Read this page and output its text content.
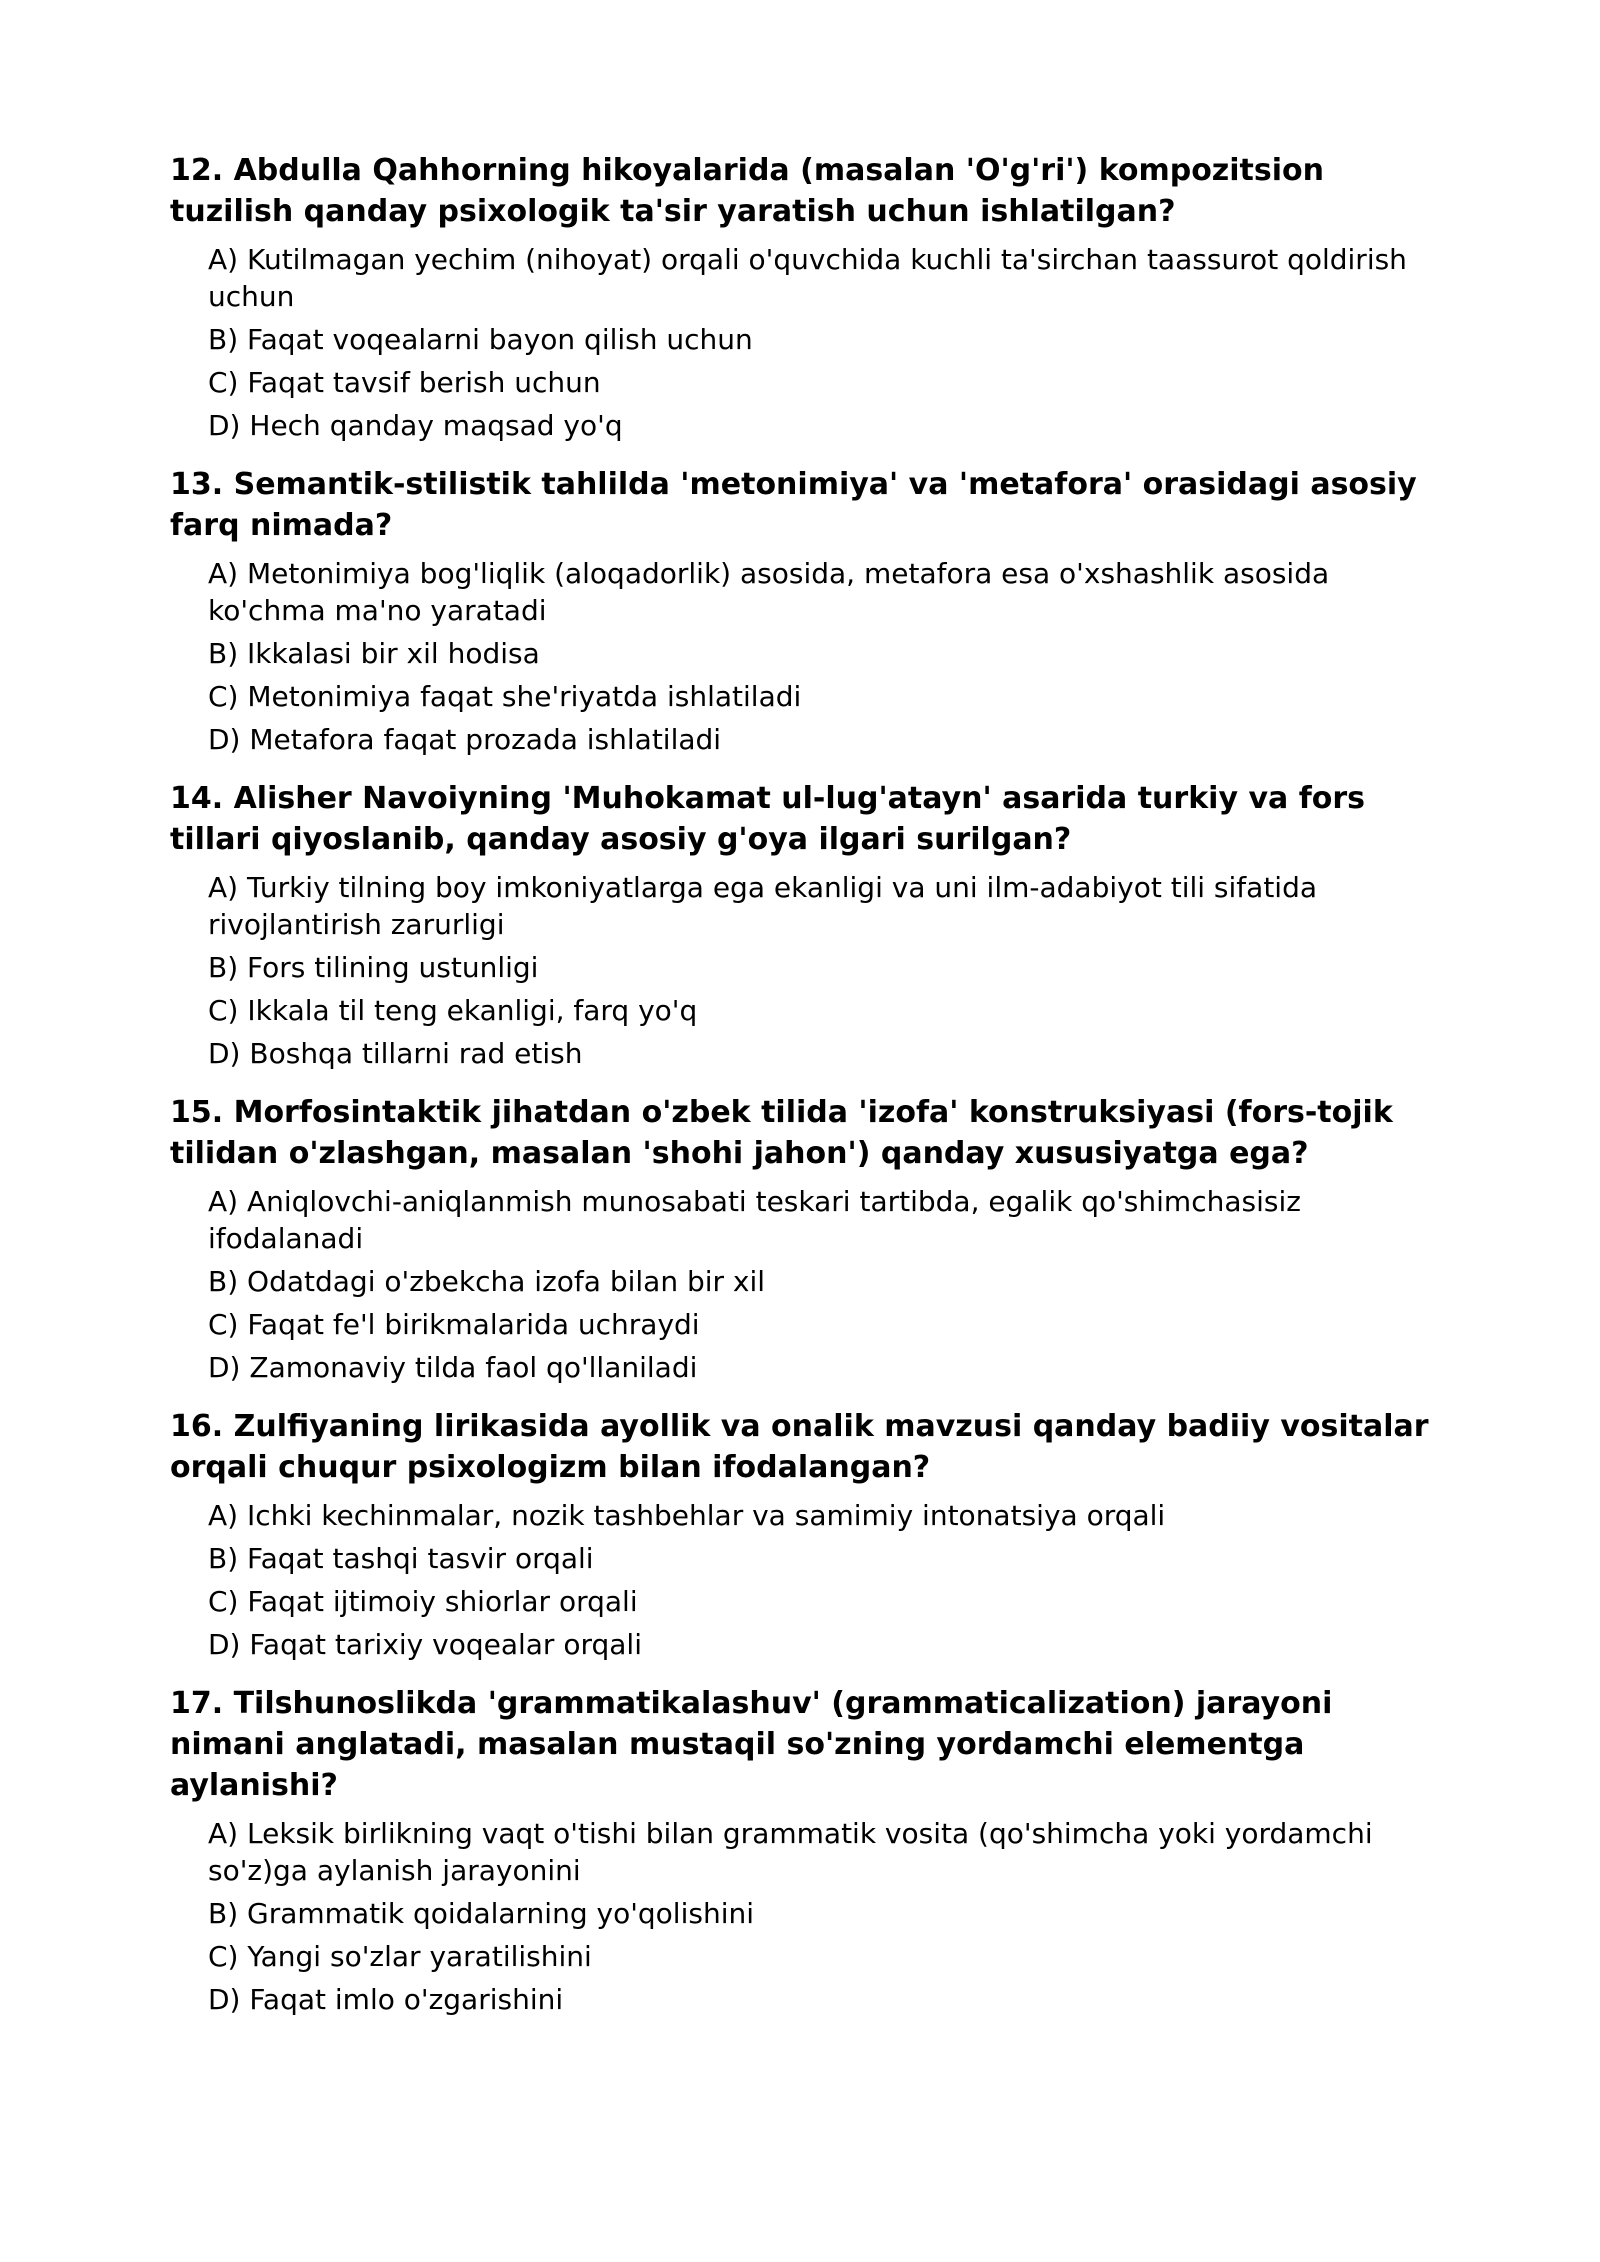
12. Abdulla Qahhorning hikoyalarida (masalan 'O'g'ri') kompozitsion tuzilish qanday psixologik ta'sir yaratish uchun ishlatilgan?
A) Kutilmagan yechim (nihoyat) orqali o'quvchida kuchli ta'sirchan taassurot qoldirish uchun
B) Faqat voqealarni bayon qilish uchun
C) Faqat tavsif berish uchun
D) Hech qanday maqsad yo'q
13. Semantik-stilistik tahlilda 'metonimiya' va 'metafora' orasidagi asosiy farq nimada?
A) Metonimiya bog'liqlik (aloqadorlik) asosida, metafora esa o'xshashlik asosida ko'chma ma'no yaratadi
B) Ikkalasi bir xil hodisa
C) Metonimiya faqat she'riyatda ishlatiladi
D) Metafora faqat prozada ishlatiladi
14. Alisher Navoiyning 'Muhokamat ul-lug'atayn' asarida turkiy va fors tillari qiyoslanib, qanday asosiy g'oya ilgari surilgan?
A) Turkiy tilning boy imkoniyatlarga ega ekanligi va uni ilm-adabiyot tili sifatida rivojlantirish zarurligi
B) Fors tilining ustunligi
C) Ikkala til teng ekanligi, farq yo'q
D) Boshqa tillarni rad etish
15. Morfosintaktik jihatdan o'zbek tilida 'izofa' konstruksiyasi (fors-tojik tilidan o'zlashgan, masalan 'shohi jahon') qanday xususiyatga ega?
A) Aniqlovchi-aniqlanmish munosabati teskari tartibda, egalik qo'shimchasisiz ifodalanadi
B) Odatdagi o'zbekcha izofa bilan bir xil
C) Faqat fe'l birikmalarida uchraydi
D) Zamonaviy tilda faol qo'llaniladi
16. Zulfiyaning lirikasida ayollik va onalik mavzusi qanday badiiy vositalar orqali chuqur psixologizm bilan ifodalangan?
A) Ichki kechinmalar, nozik tashbehlar va samimiy intonatsiya orqali
B) Faqat tashqi tasvir orqali
C) Faqat ijtimoiy shiorlar orqali
D) Faqat tarixiy voqealar orqali
17. Tilshunoslikda 'grammatikalashuv' (grammaticalization) jarayoni nimani anglatadi, masalan mustaqil so'zning yordamchi elementga aylanishi?
A) Leksik birlikning vaqt o'tishi bilan grammatik vosita (qo'shimcha yoki yordamchi so'z)ga aylanish jarayonini
B) Grammatik qoidalarning yo'qolishini
C) Yangi so'zlar yaratilishini
D) Faqat imlo o'zgarishini
